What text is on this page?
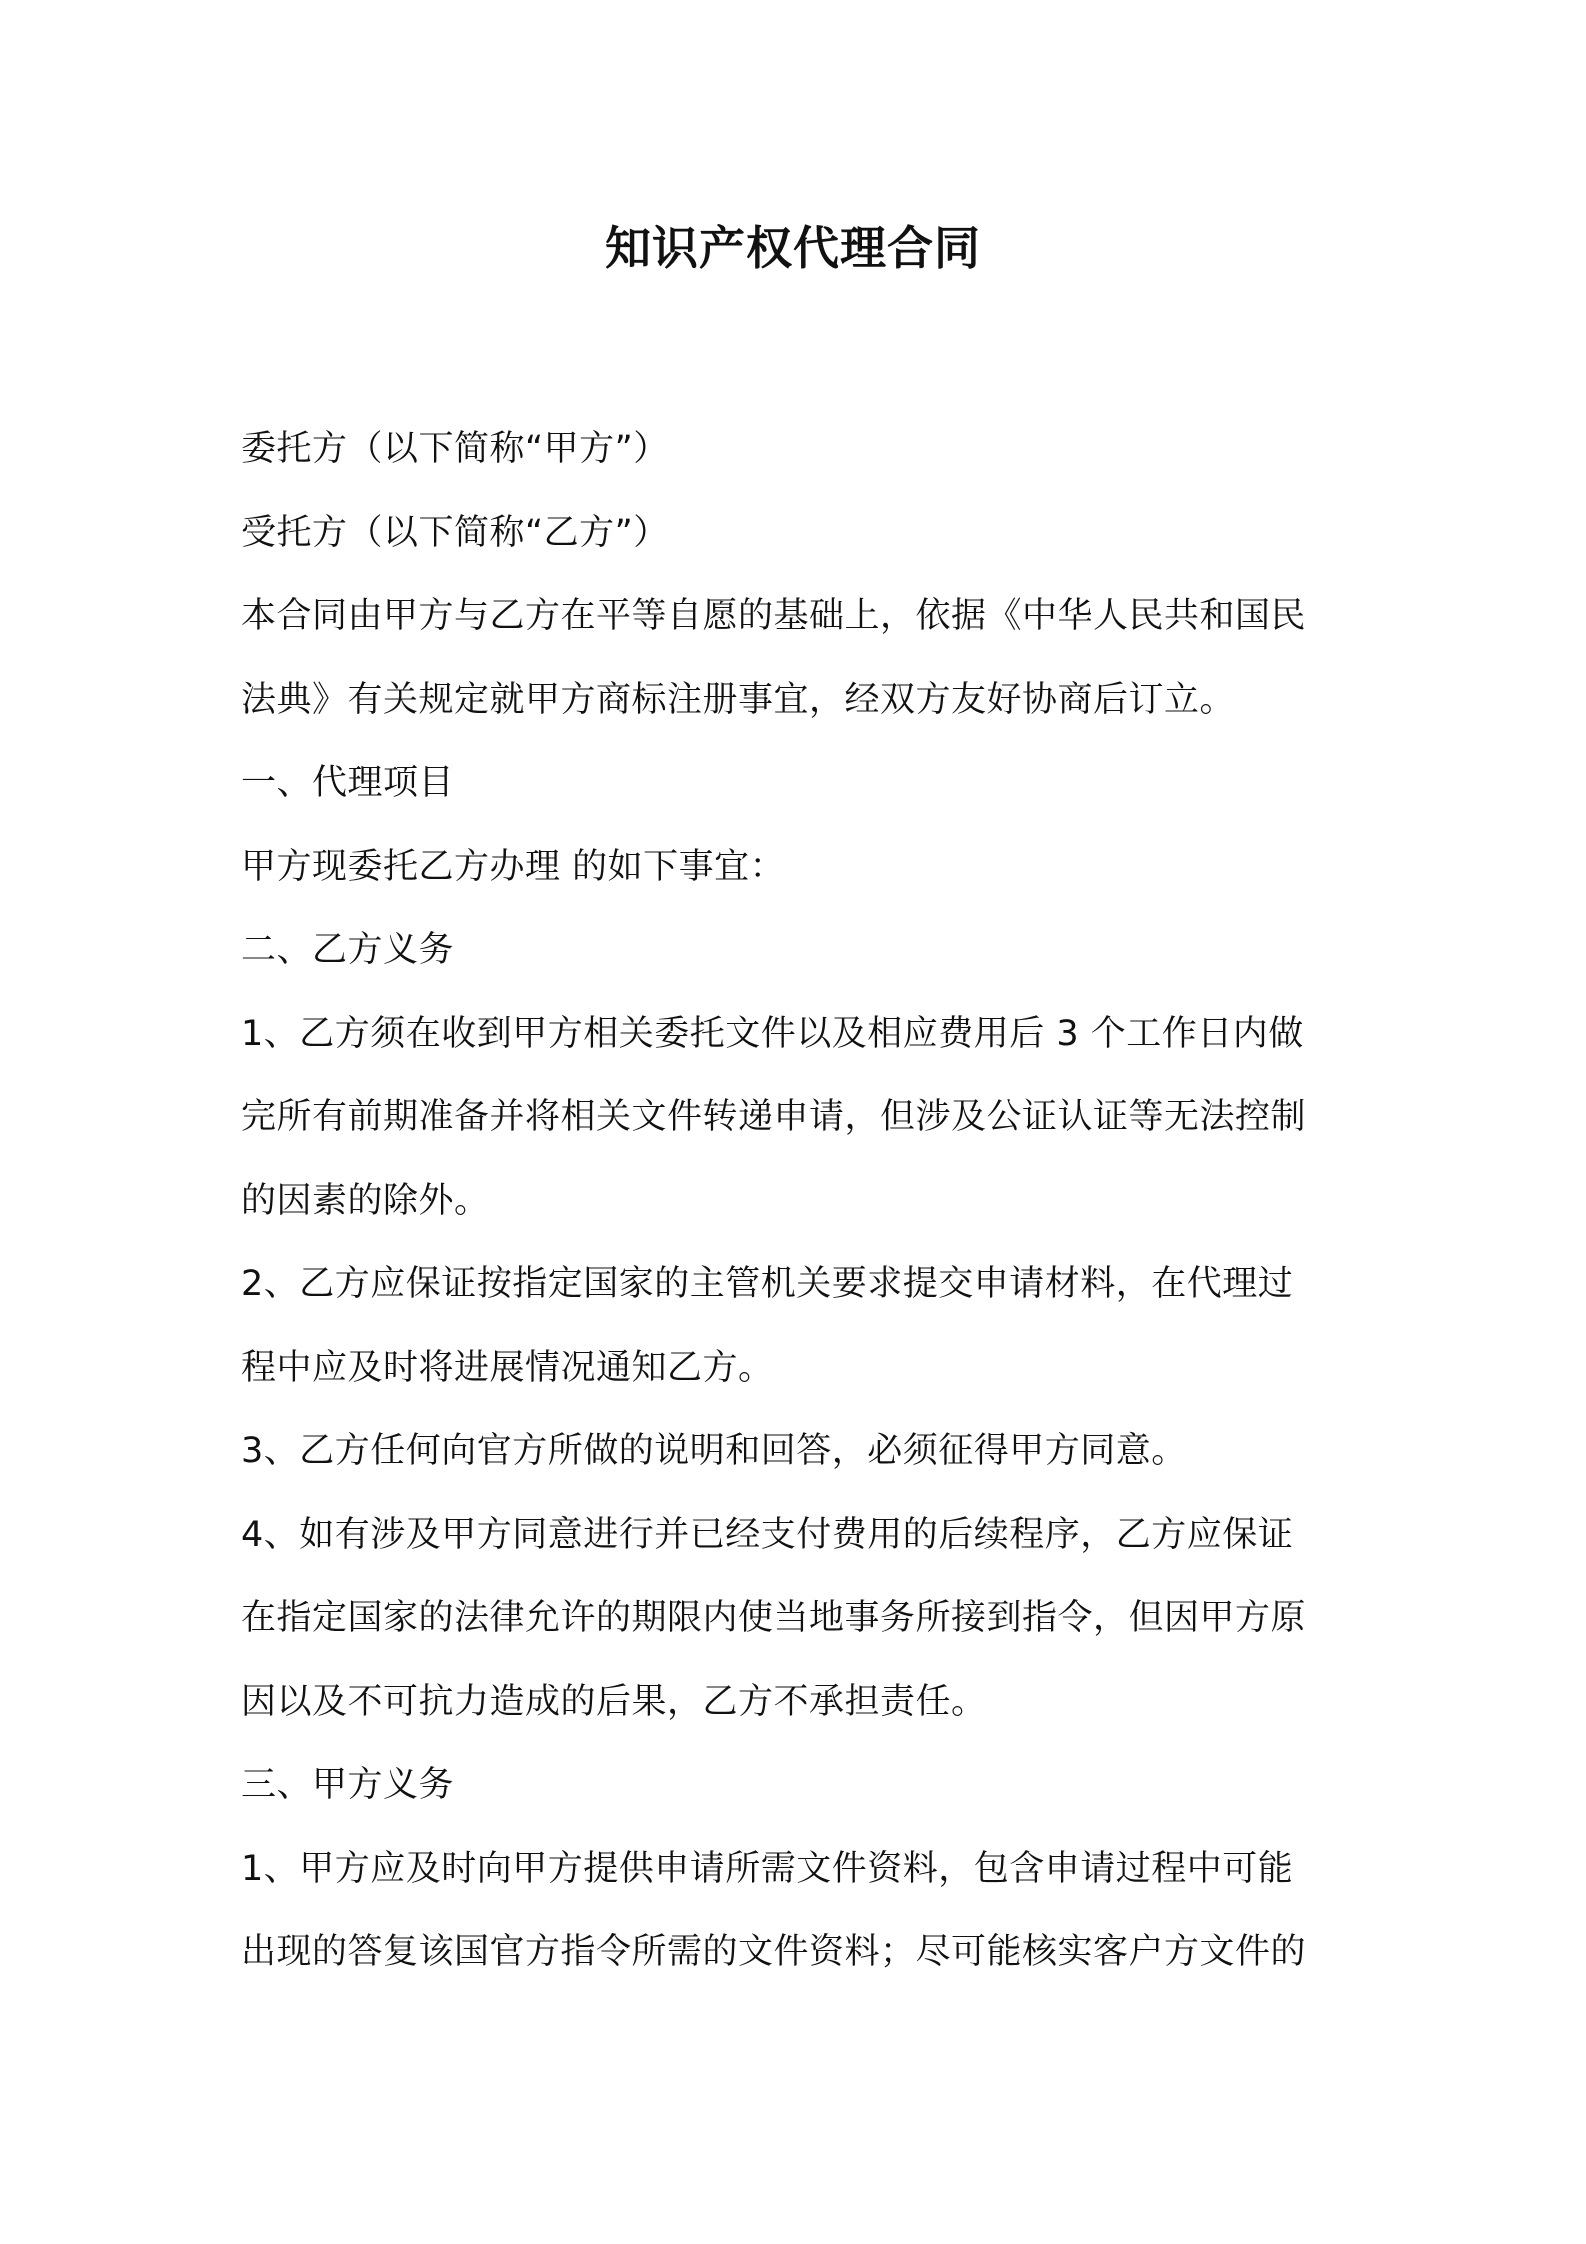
知识产权代理合同

委托方（以下简称“甲方”）

受托方（以下简称“乙方”）

本合同由甲方与乙方在平等自愿的基础上，依据《中华人民共和国民

法典》有关规定就甲方商标注册事宜，经双方友好协商后订立。

一、代理项目

甲方现委托乙方办理 的如下事宜：

二、乙方义务

1、乙方须在收到甲方相关委托文件以及相应费用后 3 个工作日内做

完所有前期准备并将相关文件转递申请，但涉及公证认证等无法控制

的因素的除外。

2、乙方应保证按指定国家的主管机关要求提交申请材料，在代理过

程中应及时将进展情况通知乙方。

3、乙方任何向官方所做的说明和回答，必须征得甲方同意。

4、如有涉及甲方同意进行并已经支付费用的后续程序，乙方应保证

在指定国家的法律允许的期限内使当地事务所接到指令，但因甲方原

因以及不可抗力造成的后果，乙方不承担责任。

三、甲方义务

1、甲方应及时向甲方提供申请所需文件资料，包含申请过程中可能

出现的答复该国官方指令所需的文件资料；尽可能核实客户方文件的
